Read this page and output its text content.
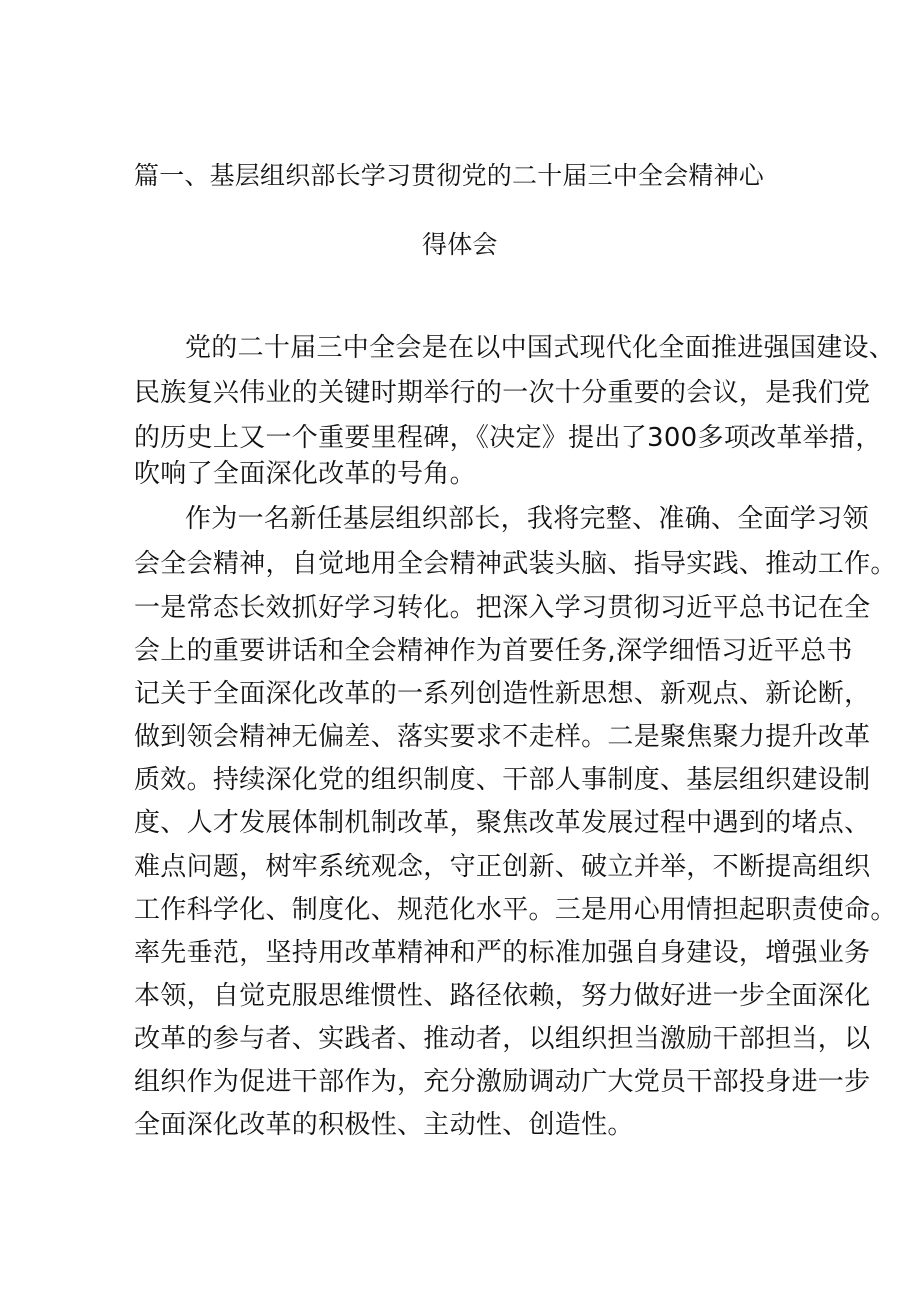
篇一、基层组织部长学习贯彻党的二十届三中全会精神心
得体会
党的二十届三中全会是在以中国式现代化全面推进强国建设、
民族复兴伟业的关键时期举行的一次十分重要的会议，是我们党
的历史上又一个重要里程碑，《决定》提出了300多项改革举措，
吹响了全面深化改革的号角。
作为一名新任基层组织部长，我将完整、准确、全面学习领
会全会精神，自觉地用全会精神武装头脑、指导实践、推动工作。
一是常态长效抓好学习转化。把深入学习贯彻习近平总书记在全
会上的重要讲话和全会精神作为首要任务,深学细悟习近平总书
记关于全面深化改革的一系列创造性新思想、新观点、新论断，
做到领会精神无偏差、落实要求不走样。二是聚焦聚力提升改革
质效。持续深化党的组织制度、干部人事制度、基层组织建设制
度、人才发展体制机制改革，聚焦改革发展过程中遇到的堵点、
难点问题，树牢系统观念，守正创新、破立并举，不断提高组织
工作科学化、制度化、规范化水平。三是用心用情担起职责使命。
率先垂范，坚持用改革精神和严的标准加强自身建设，增强业务
本领，自觉克服思维惯性、路径依赖，努力做好进一步全面深化
改革的参与者、实践者、推动者，以组织担当激励干部担当，以
组织作为促进干部作为，充分激励调动广大党员干部投身进一步
全面深化改革的积极性、主动性、创造性。
